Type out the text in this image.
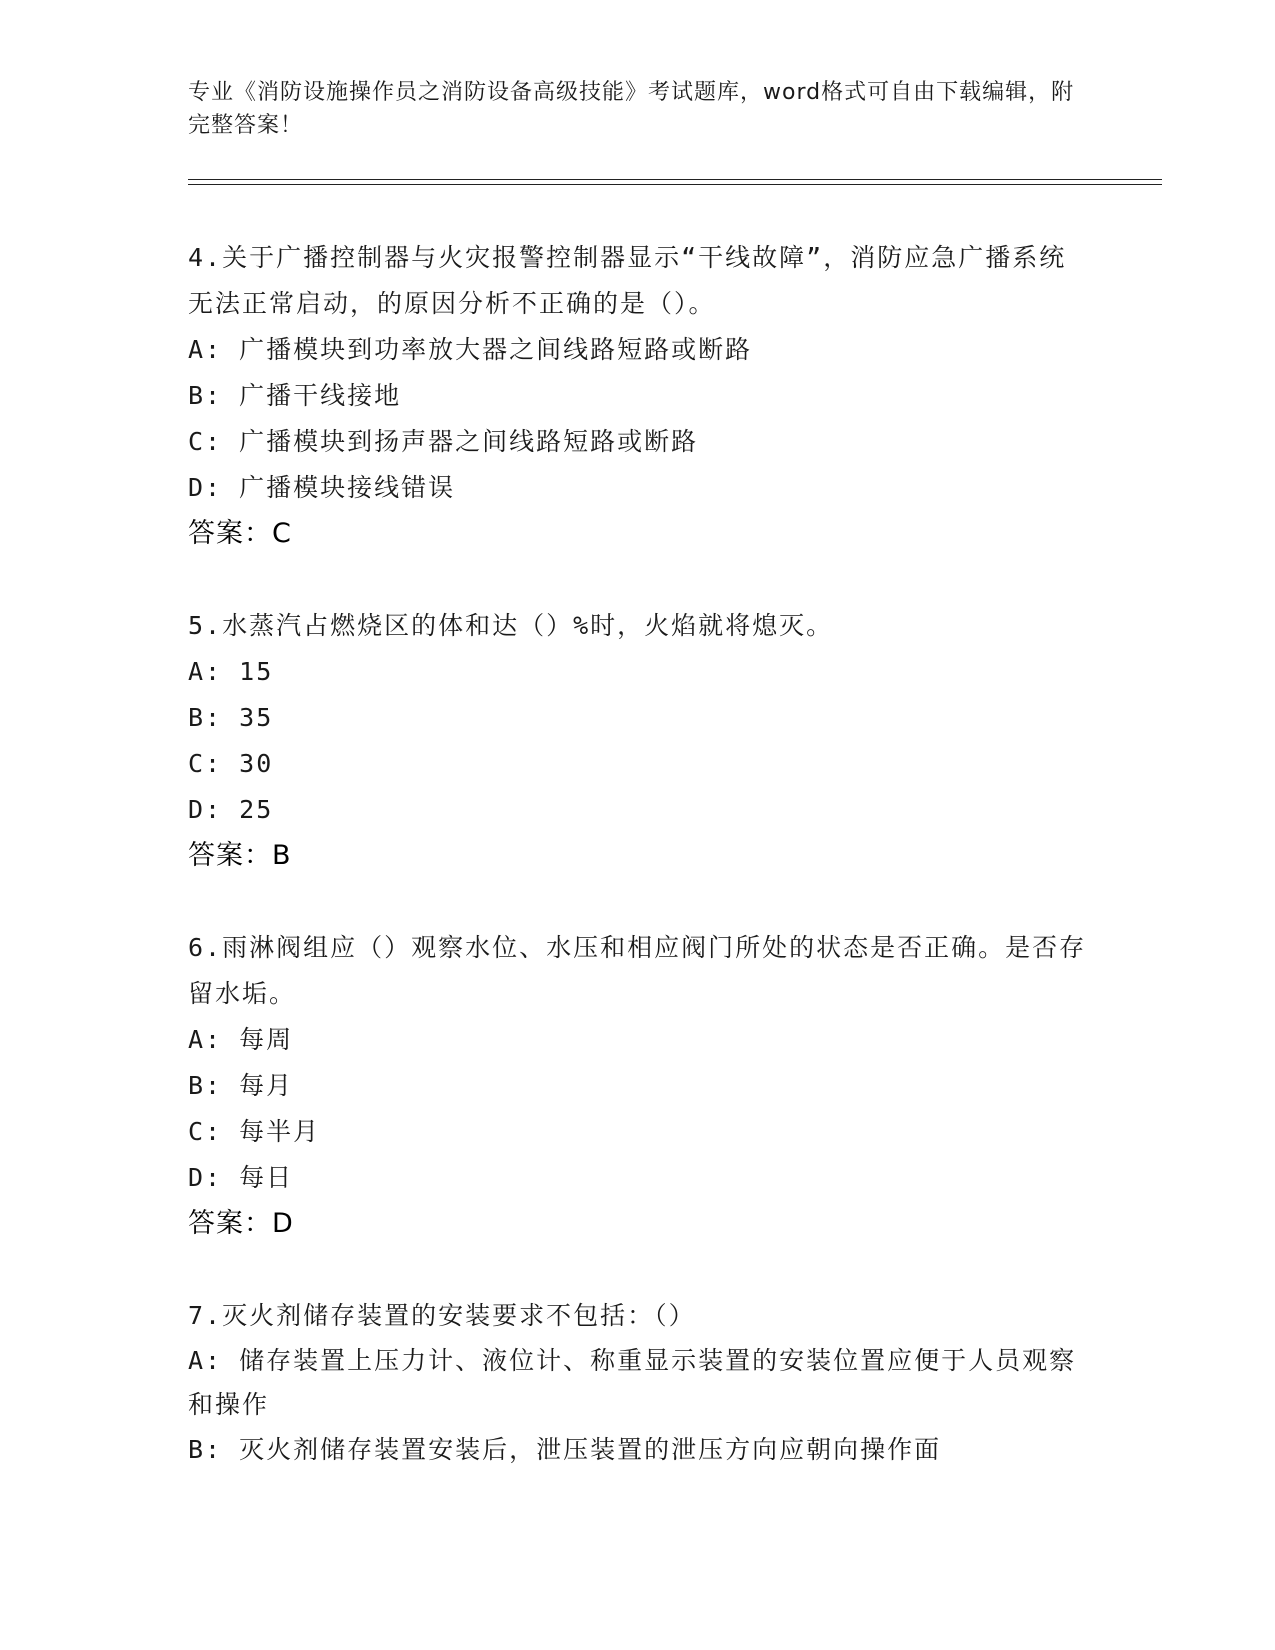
专业《消防设施操作员之消防设备高级技能》考试题库，word格式可自由下载编辑，附完整答案！
4.关于广播控制器与火灾报警控制器显示“干线故障”，消防应急广播系统无法正常启动，的原因分析不正确的是（）。
A: 广播模块到功率放大器之间线路短路或断路
B: 广播干线接地
C: 广播模块到扬声器之间线路短路或断路
D: 广播模块接线错误
答案：C
5.水蒸汽占燃烧区的体和达（）%时，火焰就将熄灭。
A: 15
B: 35
C: 30
D: 25
答案：B
6.雨淋阀组应（）观察水位、水压和相应阀门所处的状态是否正确。是否存留水垢。
A: 每周
B: 每月
C: 每半月
D: 每日
答案：D
7.灭火剂储存装置的安装要求不包括：（）
A: 储存装置上压力计、液位计、称重显示装置的安装位置应便于人员观察和操作
B: 灭火剂储存装置安装后，泄压装置的泄压方向应朝向操作面
